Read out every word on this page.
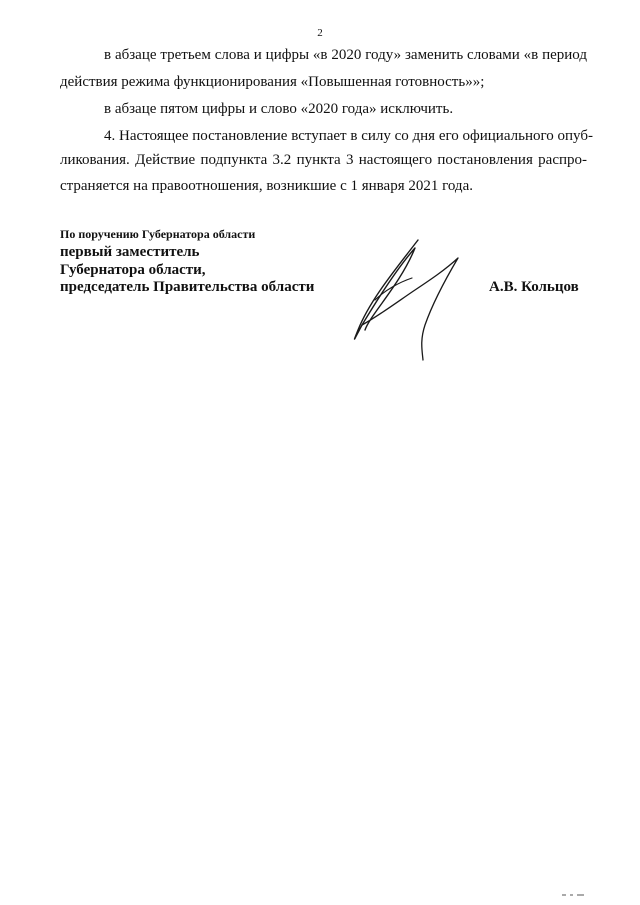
2
в абзаце третьем слова и цифры «в 2020 году» заменить словами «в период
действия режима функционирования «Повышенная готовность»»;
в абзаце пятом цифры и слово «2020 года» исключить.
4. Настоящее постановление вступает в силу со дня его официального опуб-
ликования. Действие подпункта 3.2 пункта 3 настоящего постановления распро-
страняется на правоотношения, возникшие с 1 января 2021 года.
По поручению Губернатора области
первый заместитель
Губернатора области,
председатель Правительства области	А.В. Кольцов
